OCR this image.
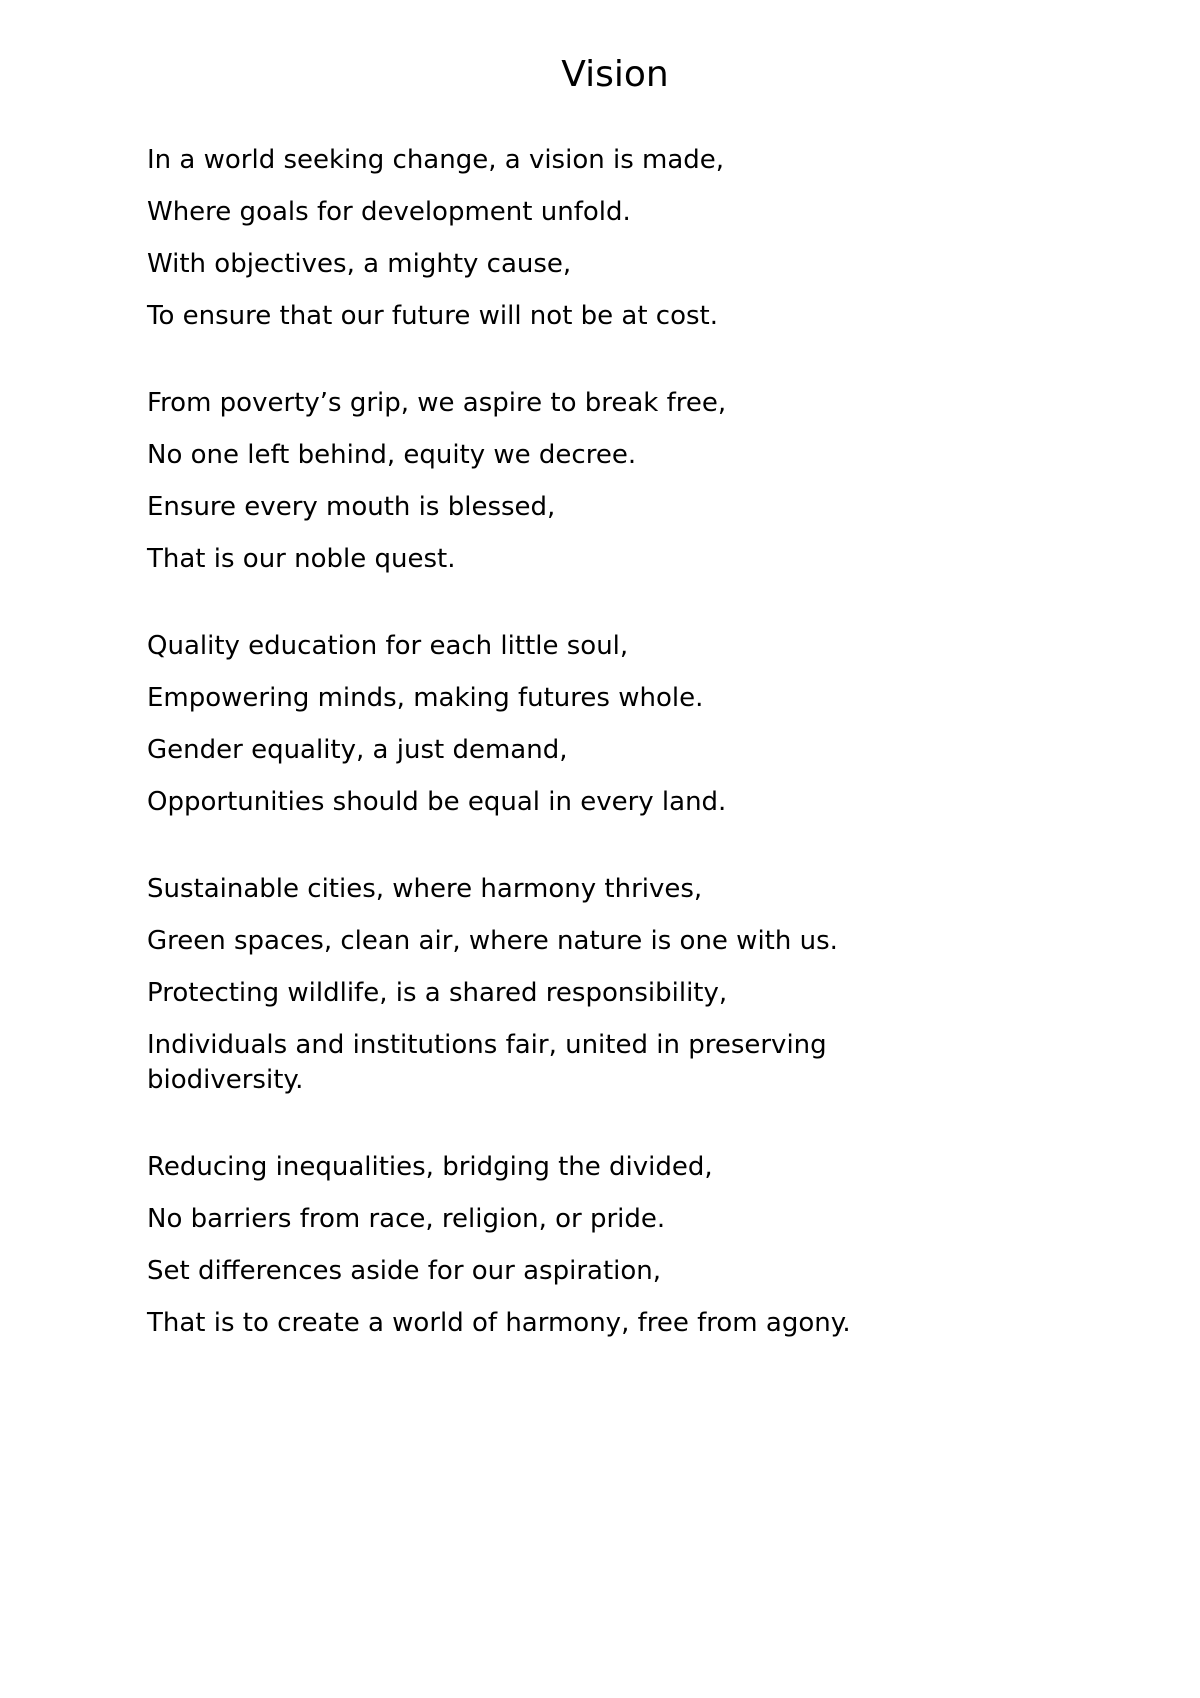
Vision
In a world seeking change, a vision is made,
Where goals for development unfold.
With objectives, a mighty cause,
To ensure that our future will not be at cost.
From poverty’s grip, we aspire to break free,
No one left behind, equity we decree.
Ensure every mouth is blessed,
That is our noble quest.
Quality education for each little soul,
Empowering minds, making futures whole.
Gender equality, a just demand,
Opportunities should be equal in every land.
Sustainable cities, where harmony thrives,
Green spaces, clean air, where nature is one with us.
Protecting wildlife, is a shared responsibility,
Individuals and institutions fair, united in preserving biodiversity.
Reducing inequalities, bridging the divided,
No barriers from race, religion, or pride.
Set differences aside for our aspiration,
That is to create a world of harmony, free from agony.
